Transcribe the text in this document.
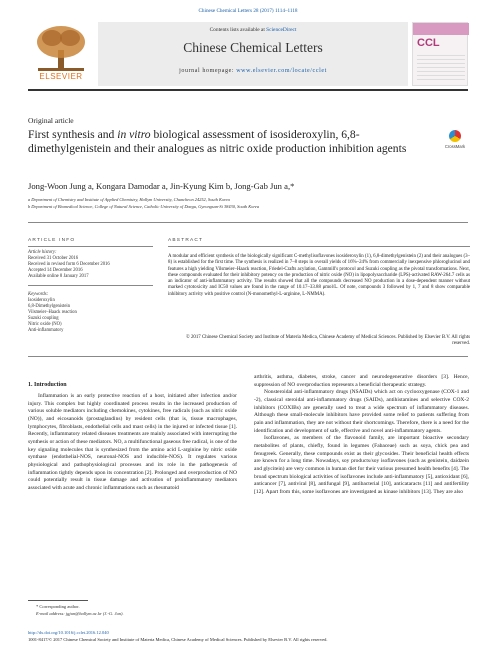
Chinese Chemical Letters 28 (2017) 1114–1118
ELSEVIER
Contents lists available at ScienceDirect
Chinese Chemical Letters
journal homepage: www.elsevier.com/locate/cclet
CCL
Original article
First synthesis and in vitro biological assessment of isosiderоxylin, 6,8-dimethylgenistein and their analogues as nitric oxide production inhibition agents	CrossMark
Jong-Woon Jung a, Kongara Damodar a, Jin-Kyung Kim b, Jong-Gab Jun a,*
a Department of Chemistry and Institute of Applied Chemistry, Hallym University, Chuncheon 24252, South Korea
b Department of Biomedical Science, College of Natural Science, Catholic University of Daegu, Gyeongsan-Si 38430, South Korea
ARTICLE INFO
Article history:
Received 31 October 2016
Received in revised form 6 December 2016
Accepted 14 December 2016
Available online 8 January 2017
Keywords:
Isosideroxylin
6,8-Dimethylgenistein
Vilsmeier–Haack reaction
Suzuki coupling
Nitric oxide (NO)
Anti-inflammatory
ABSTRACT
A modular and efficient synthesis of the biologically significant C-methylisoflavones isosideroxylin (1), 6,8-dimethylgenistein (2) and their analogues (3–8) is established for the first time. The synthesis is realized in 7–8 steps in overall yields of 16%–24% from commercially inexpensive phloroglucinol and features a high yielding Vilsmeier–Haack reaction, Friedel-Crafts acylation, Gammill's protocol and Suzuki coupling as the pivotal transformations. Next, these compounds evaluated for their inhibitory potency on the production of nitric oxide (NO) in lipopolysaccharide (LPS)-activated RAW-264.7 cells as an indicator of anti-inflammatory activity. The results showed that all the compounds decreased NO production in a dose-dependent manner without marked cytotoxicity and IC50 values are found in the range of 10.17–33.88 μmol/L. Of note, compounds 3 followed by 1, 7 and 8 show comparable inhibitory activity with positive control (N-monomethyl-L-arginine, L-NMMA).
© 2017 Chinese Chemical Society and Institute of Materia Medica, Chinese Academy of Medical Sciences. Published by Elsevier B.V. All rights reserved.
1. Introduction
Inflammation is an early protective reaction of a host, initiated after infection and/or injury. This complex but highly coordinated process results in the increased production of various soluble mediators including chemokines, cytokines, free radicals (such as nitric oxide (NO)), and eicosanoids (prostaglandins) by resident cells (that is, tissue macrophages, lymphocytes, fibroblasts, endothelial cells and mast cells) in the injured or infected tissue [1]. Recently, inflammatory related diseases treatments are mainly associated with interrupting the synthesis or action of these mediators. NO, a multifunctional gaseous free radical, is one of the key signaling molecules that is synthesized from the amino acid L-arginine by nitric oxide synthase (endothelial-NOS, neuronal-NOS and inducible-NOS). It regulates various physiological and pathophysiological processes and its role in the pathogenesis of inflammation tightly depends upon its concentration [2]. Prolonged and overproduction of NO could potentially result in tissue damage and activation of proinflammatory mediators associated with acute and chronic inflammations such as rheumatoid

arthritis, asthma, diabetes, stroke, cancer and neurodegenerative disorders [3]. Hence, suppression of NO overproduction represents a beneficial therapeutic strategy.

Nonsteroidal anti-inflammatory drugs (NSAIDs) which act on cyclooxygenase (COX-1 and -2), classical steroidal anti-inflammatory drugs (SAIDs), antihistamines and selective COX-2 inhibitors (COXIBs) are generally used to treat a wide spectrum of inflammatory diseases. Although these small-molecule inhibitors have provided some relief to patients suffering from pain and inflammation, they are not without their shortcomings. Therefore, there is a need for the identification and development of safe, effective and novel anti-inflammatory agents.

Isoflavones, as members of the flavonoid family, are important bioactive secondary metabolites of plants, chiefly, found in legumes (Fabaceae) such as soya, chick pea and fenugreek. Generally, these compounds exist as their glycosides. Their beneficial health effects are known for a long time. Nowadays, soy products/soy isoflavones (such as genistein, daidzein and glycitein) are very common in human diet for their various presumed health benefits [4]. The broad spectrum biological activities of isoflavones include anti-inflammatory [5], antioxidant [6], anticancer [7], antiviral [8], antifungal [9], antibacterial [10], anticataracts [11] and antifertility [12]. Apart from this, some isoflavones are investigated as kinase inhibitors [13]. They are also

* Corresponding author.
E-mail address: jgjun@hallym.ac.kr (J.-G. Jun).
http://dx.doi.org/10.1016/j.cclet.2016.12.040
1001-8417/© 2017 Chinese Chemical Society and Institute of Materia Medica, Chinese Academy of Medical Sciences. Published by Elsevier B.V. All rights reserved.
